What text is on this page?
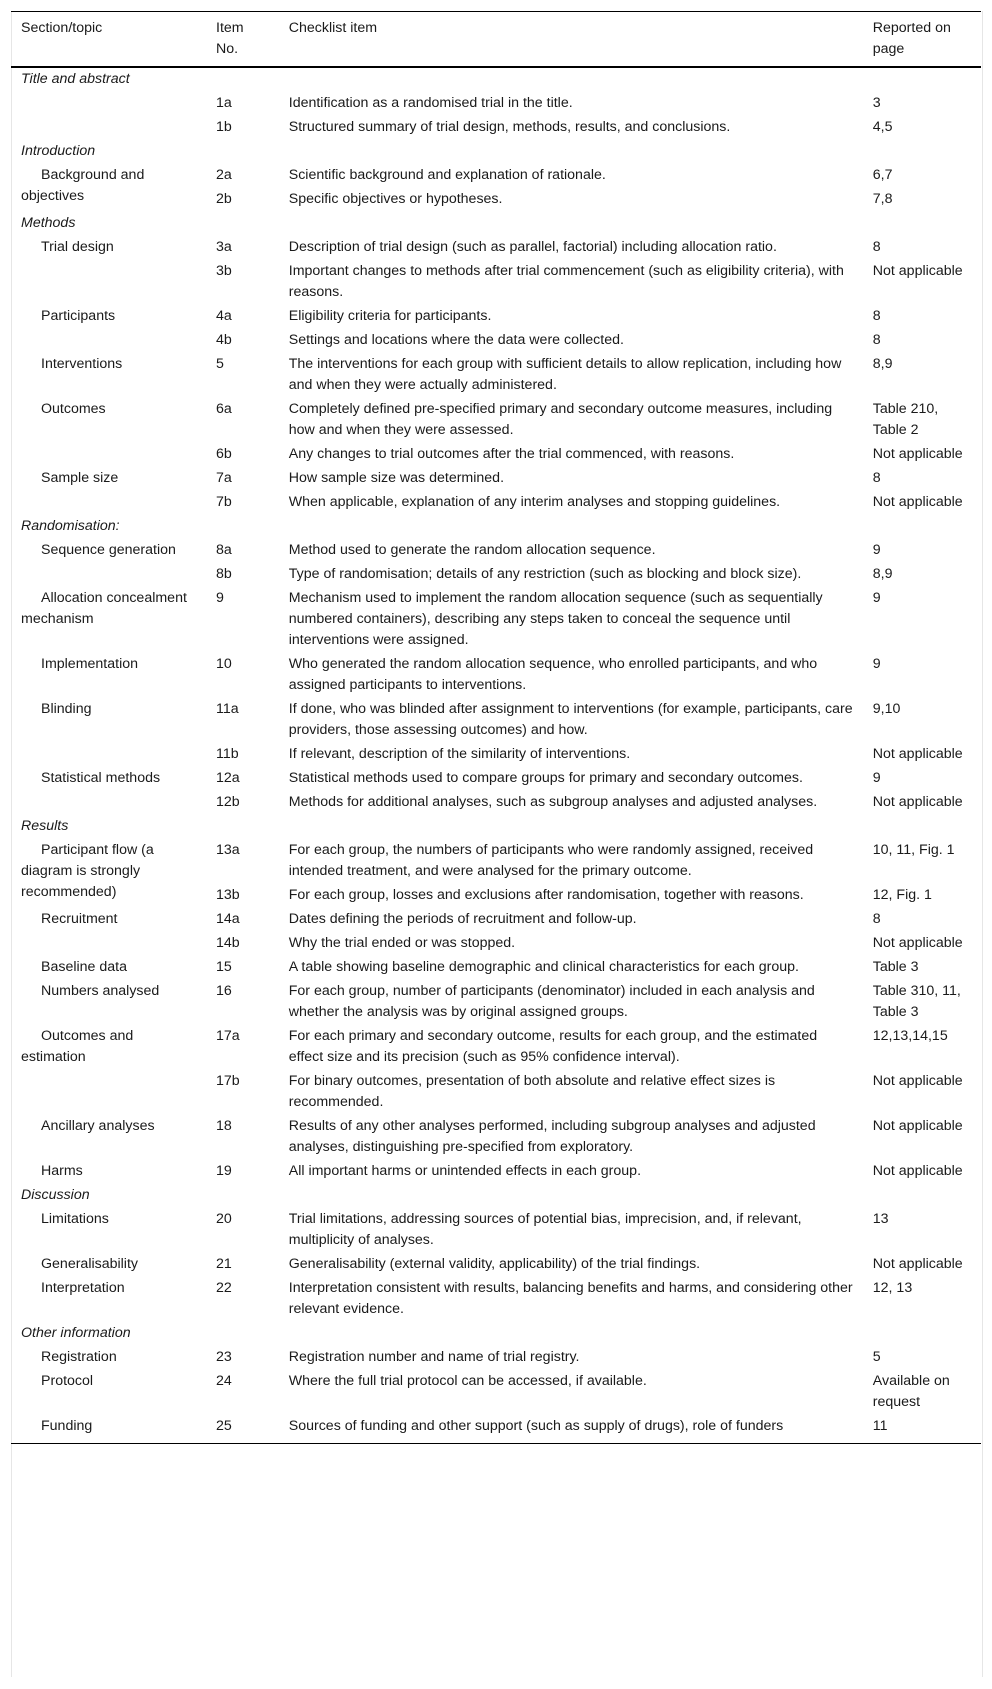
Section/topic	Item No.	Checklist item	Reported on page
Title and abstract			
	1a	Identification as a randomised trial in the title.	3
	1b	Structured summary of trial design, methods, results, and conclusions.	4,5
Introduction			
Background and objectives	2a	Scientific background and explanation of rationale.	6,7
	2b	Specific objectives or hypotheses.	7,8
Methods			
Trial design	3a	Description of trial design (such as parallel, factorial) including allocation ratio.	8
	3b	Important changes to methods after trial commencement (such as eligibility criteria), with reasons.	Not applicable
Participants	4a	Eligibility criteria for participants.	8
	4b	Settings and locations where the data were collected.	8
Interventions	5	The interventions for each group with sufficient details to allow replication, including how and when they were actually administered.	8,9
Outcomes	6a	Completely defined pre-specified primary and secondary outcome measures, including how and when they were assessed.	Table 210, Table 2
	6b	Any changes to trial outcomes after the trial commenced, with reasons.	Not applicable
Sample size	7a	How sample size was determined.	8
	7b	When applicable, explanation of any interim analyses and stopping guidelines.	Not applicable
Randomisation:			
Sequence generation	8a	Method used to generate the random allocation sequence.	9
	8b	Type of randomisation; details of any restriction (such as blocking and block size).	8,9
Allocation concealment mechanism	9	Mechanism used to implement the random allocation sequence (such as sequentially numbered containers), describing any steps taken to conceal the sequence until interventions were assigned.	9
Implementation	10	Who generated the random allocation sequence, who enrolled participants, and who assigned participants to interventions.	9
Blinding	11a	If done, who was blinded after assignment to interventions (for example, participants, care providers, those assessing outcomes) and how.	9,10
	11b	If relevant, description of the similarity of interventions.	Not applicable
Statistical methods	12a	Statistical methods used to compare groups for primary and secondary outcomes.	9
	12b	Methods for additional analyses, such as subgroup analyses and adjusted analyses.	Not applicable
Results			
Participant flow (a diagram is strongly recommended)	13a	For each group, the numbers of participants who were randomly assigned, received intended treatment, and were analysed for the primary outcome.	10, 11, Fig. 1
	13b	For each group, losses and exclusions after randomisation, together with reasons.	12, Fig. 1
Recruitment	14a	Dates defining the periods of recruitment and follow-up.	8
	14b	Why the trial ended or was stopped.	Not applicable
Baseline data	15	A table showing baseline demographic and clinical characteristics for each group.	Table 3
Numbers analysed	16	For each group, number of participants (denominator) included in each analysis and whether the analysis was by original assigned groups.	Table 310, 11, Table 3
Outcomes and estimation	17a	For each primary and secondary outcome, results for each group, and the estimated effect size and its precision (such as 95% confidence interval).	12,13,14,15
	17b	For binary outcomes, presentation of both absolute and relative effect sizes is recommended.	Not applicable
Ancillary analyses	18	Results of any other analyses performed, including subgroup analyses and adjusted analyses, distinguishing pre-specified from exploratory.	Not applicable
Harms	19	All important harms or unintended effects in each group.	Not applicable
Discussion			
Limitations	20	Trial limitations, addressing sources of potential bias, imprecision, and, if relevant, multiplicity of analyses.	13
Generalisability	21	Generalisability (external validity, applicability) of the trial findings.	Not applicable
Interpretation	22	Interpretation consistent with results, balancing benefits and harms, and considering other relevant evidence.	12, 13
Other information			
Registration	23	Registration number and name of trial registry.	5
Protocol	24	Where the full trial protocol can be accessed, if available.	Available on request
Funding	25	Sources of funding and other support (such as supply of drugs), role of funders	11
